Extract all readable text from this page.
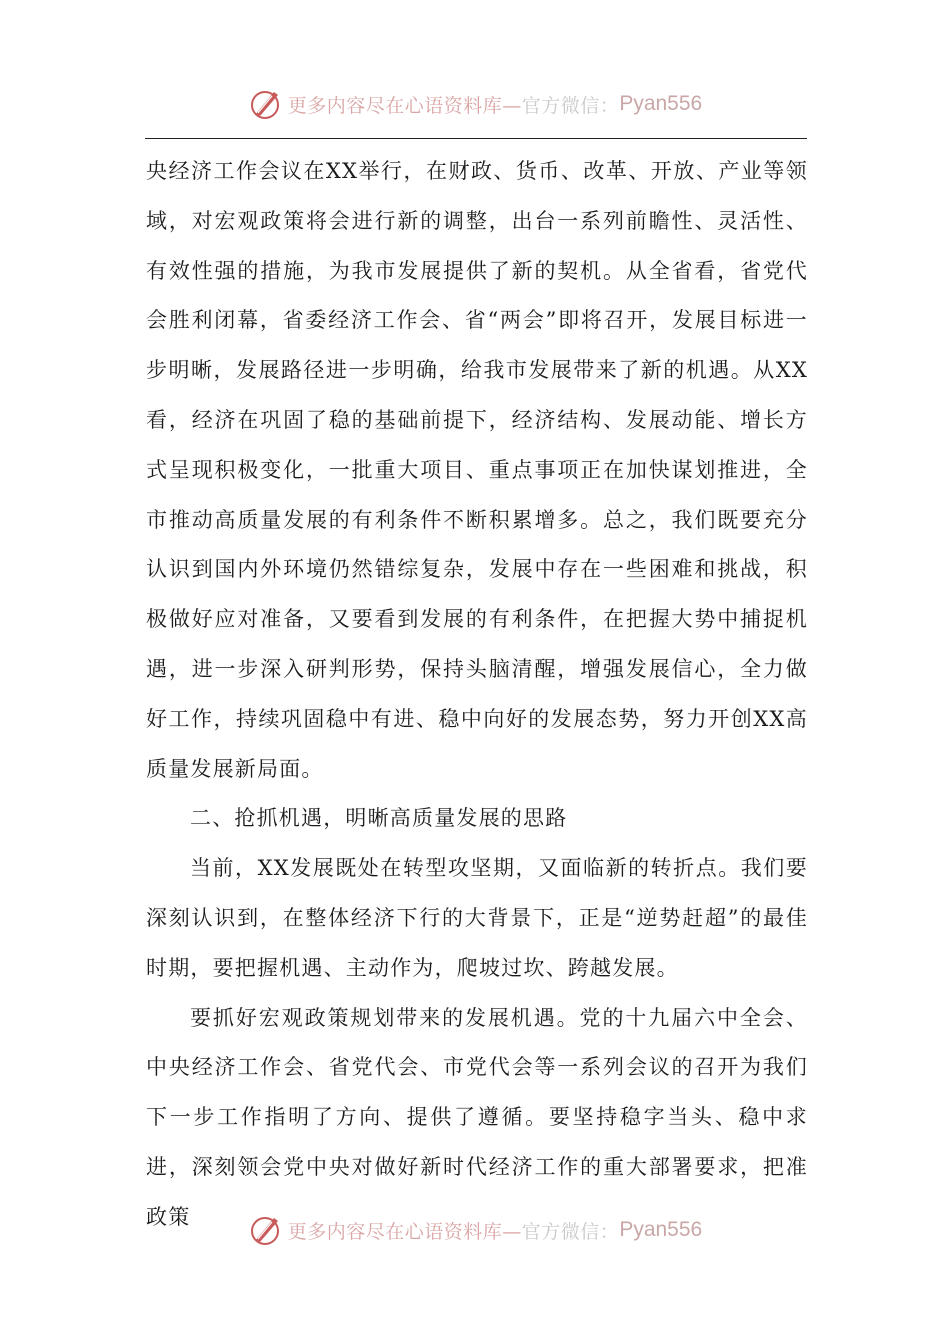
更多内容尽在心语资料库— 官方微信： Pyan556

央经济工作会议在XX举行，在财政、货币、改革、开放、产业等领域，对宏观政策将会进行新的调整，出台一系列前瞻性、灵活性、有效性强的措施，为我市发展提供了新的契机。从全省看，省党代会胜利闭幕，省委经济工作会、省“两会”即将召开，发展目标进一步明晰，发展路径进一步明确，给我市发展带来了新的机遇。从XX看，经济在巩固了稳的基础前提下，经济结构、发展动能、增长方式呈现积极变化，一批重大项目、重点事项正在加快谋划推进，全市推动高质量发展的有利条件不断积累增多。总之，我们既要充分认识到国内外环境仍然错综复杂，发展中存在一些困难和挑战，积极做好应对准备，又要看到发展的有利条件，在把握大势中捕捉机遇，进一步深入研判形势，保持头脑清醒，增强发展信心，全力做好工作，持续巩固稳中有进、稳中向好的发展态势，努力开创XX高质量发展新局面。

二、抢抓机遇，明晰高质量发展的思路

当前，XX发展既处在转型攻坚期，又面临新的转折点。我们要深刻认识到，在整体经济下行的大背景下，正是“逆势赶超”的最佳时期，要把握机遇、主动作为，爬坡过坎、跨越发展。

要抓好宏观政策规划带来的发展机遇。党的十九届六中全会、中央经济工作会、省党代会、市党代会等一系列会议的召开为我们下一步工作指明了方向、提供了遵循。要坚持稳字当头、稳中求进，深刻领会党中央对做好新时代经济工作的重大部署要求，把准政策

更多内容尽在心语资料库— 官方微信： Pyan556
